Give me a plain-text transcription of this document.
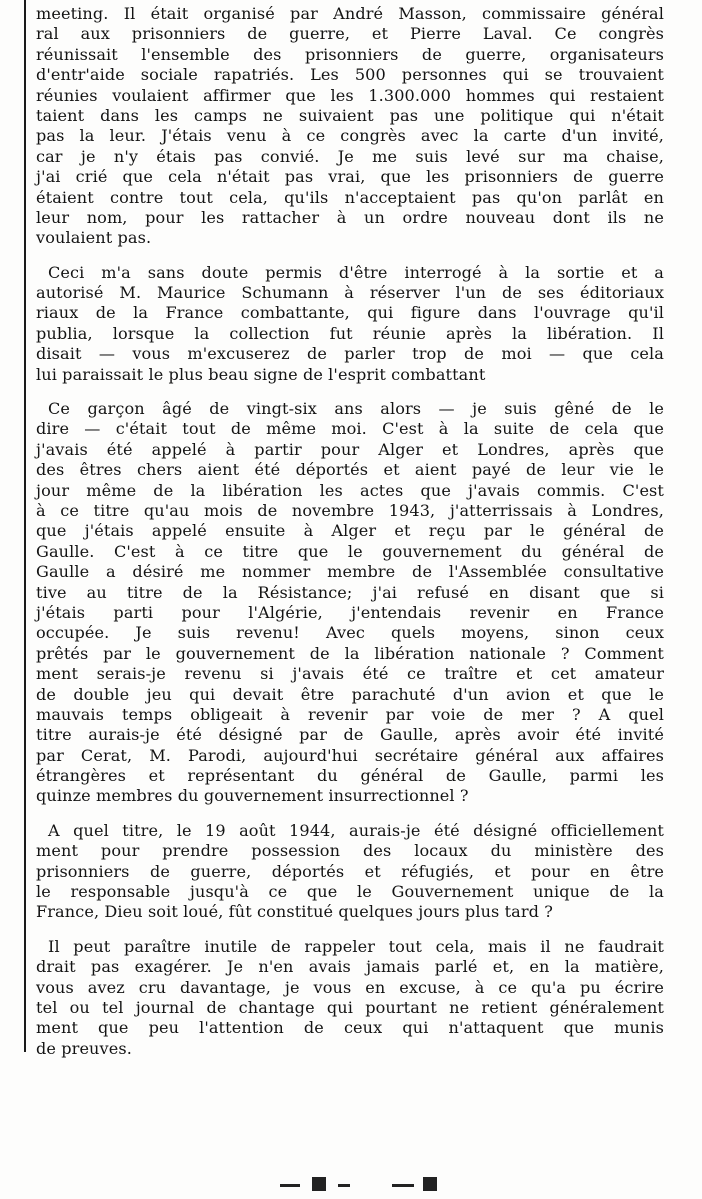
meeting. Il était organisé par André Masson, commissaire général
ral aux prisonniers de guerre, et Pierre Laval. Ce congrès
réunissait l'ensemble des prisonniers de guerre, organisateurs
d'entr'aide sociale rapatriés. Les 500 personnes qui se trouvaient
réunies voulaient affirmer que les 1.300.000 hommes qui restaient
taient dans les camps ne suivaient pas une politique qui n'était
pas la leur. J'étais venu à ce congrès avec la carte d'un invité,
car je n'y étais pas convié. Je me suis levé sur ma chaise,
j'ai crié que cela n'était pas vrai, que les prisonniers de guerre
étaient contre tout cela, qu'ils n'acceptaient pas qu'on parlât en
leur nom, pour les rattacher à un ordre nouveau dont ils ne
voulaient pas.
Ceci m'a sans doute permis d'être interrogé à la sortie et a
autorisé M. Maurice Schumann à réserver l'un de ses éditoriaux
riaux de la France combattante, qui figure dans l'ouvrage qu'il
publia, lorsque la collection fut réunie après la libération. Il
disait — vous m'excuserez de parler trop de moi — que cela
lui paraissait le plus beau signe de l'esprit combattant
Ce garçon âgé de vingt-six ans alors — je suis gêné de le
dire — c'était tout de même moi. C'est à la suite de cela que
j'avais été appelé à partir pour Alger et Londres, après que
des êtres chers aient été déportés et aient payé de leur vie le
jour même de la libération les actes que j'avais commis. C'est
à ce titre qu'au mois de novembre 1943, j'atterrissais à Londres,
que j'étais appelé ensuite à Alger et reçu par le général de
Gaulle. C'est à ce titre que le gouvernement du général de
Gaulle a désiré me nommer membre de l'Assemblée consultative
tive au titre de la Résistance; j'ai refusé en disant que si
j'étais parti pour l'Algérie, j'entendais revenir en France
occupée. Je suis revenu! Avec quels moyens, sinon ceux
prêtés par le gouvernement de la libération nationale ? Comment
ment serais-je revenu si j'avais été ce traître et cet amateur
de double jeu qui devait être parachuté d'un avion et que le
mauvais temps obligeait à revenir par voie de mer ? A quel
titre aurais-je été désigné par de Gaulle, après avoir été invité
par Cerat, M. Parodi, aujourd'hui secrétaire général aux affaires
étrangères et représentant du général de Gaulle, parmi les
quinze membres du gouvernement insurrectionnel ?
A quel titre, le 19 août 1944, aurais-je été désigné officiellement
ment pour prendre possession des locaux du ministère des
prisonniers de guerre, déportés et réfugiés, et pour en être
le responsable jusqu'à ce que le Gouvernement unique de la
France, Dieu soit loué, fût constitué quelques jours plus tard ?
Il peut paraître inutile de rappeler tout cela, mais il ne faudrait
drait pas exagérer. Je n'en avais jamais parlé et, en la matière,
vous avez cru davantage, je vous en excuse, à ce qu'a pu écrire
tel ou tel journal de chantage qui pourtant ne retient généralement
ment que peu l'attention de ceux qui n'attaquent que munis
de preuves.
